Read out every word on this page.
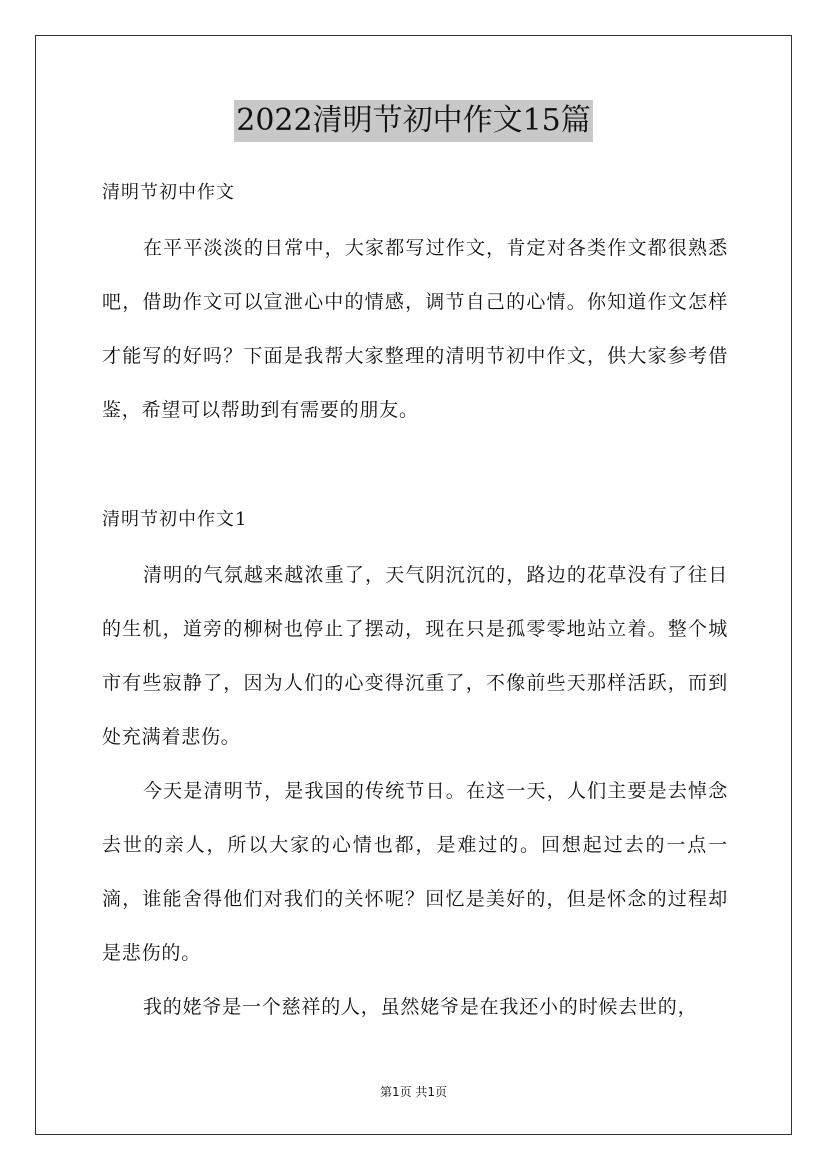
2022清明节初中作文15篇
清明节初中作文

在平平淡淡的日常中，大家都写过作文，肯定对各类作文都很熟悉吧，借助作文可以宣泄心中的情感，调节自己的心情。你知道作文怎样才能写的好吗？下面是我帮大家整理的清明节初中作文，供大家参考借鉴，希望可以帮助到有需要的朋友。

清明节初中作文1

清明的气氛越来越浓重了，天气阴沉沉的，路边的花草没有了往日的生机，道旁的柳树也停止了摆动，现在只是孤零零地站立着。整个城市有些寂静了，因为人们的心变得沉重了，不像前些天那样活跃，而到处充满着悲伤。

今天是清明节，是我国的传统节日。在这一天，人们主要是去悼念去世的亲人，所以大家的心情也都，是难过的。回想起过去的一点一滴，谁能舍得他们对我们的关怀呢？回忆是美好的，但是怀念的过程却是悲伤的。

我的姥爷是一个慈祥的人，虽然姥爷是在我还小的时候去世的，

第1页 共1页
